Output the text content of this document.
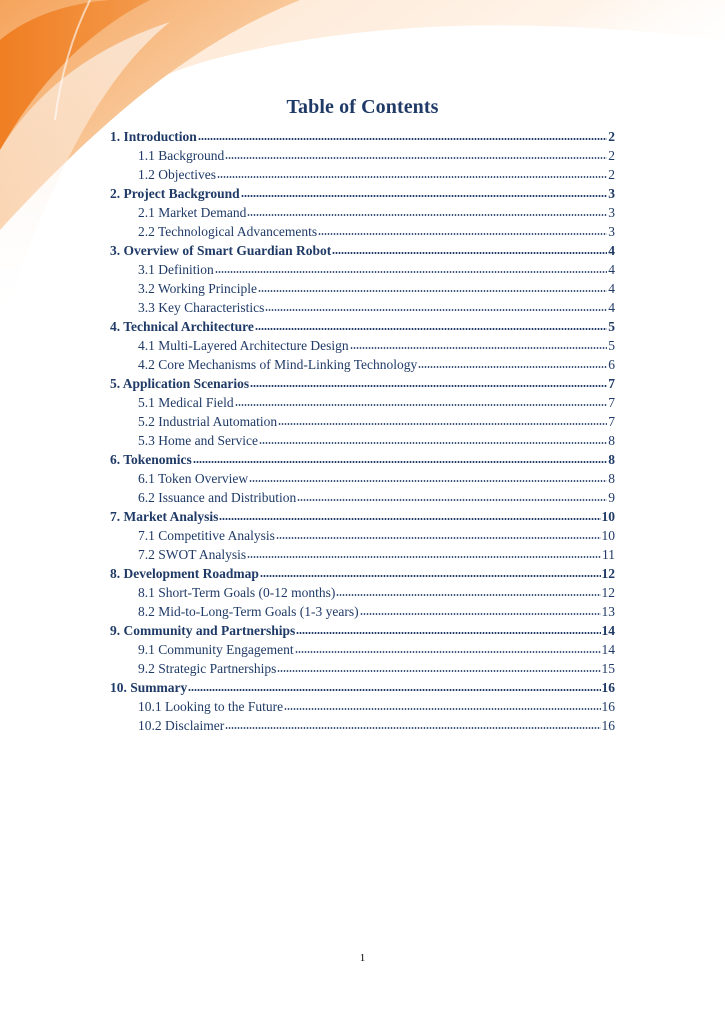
Table of Contents
1. Introduction	2
1.1 Background	2
1.2 Objectives	2
2. Project Background	3
2.1 Market Demand	3
2.2 Technological Advancements	3
3. Overview of Smart Guardian Robot	4
3.1 Definition	4
3.2 Working Principle	4
3.3 Key Characteristics	4
4. Technical Architecture	5
4.1 Multi-Layered Architecture Design	5
4.2 Core Mechanisms of Mind-Linking Technology	6
5. Application Scenarios	7
5.1 Medical Field	7
5.2 Industrial Automation	7
5.3 Home and Service	8
6. Tokenomics	8
6.1 Token Overview	8
6.2 Issuance and Distribution	9
7. Market Analysis	10
7.1 Competitive Analysis	10
7.2 SWOT Analysis	11
8. Development Roadmap	12
8.1 Short-Term Goals (0-12 months)	12
8.2 Mid-to-Long-Term Goals (1-3 years)	13
9. Community and Partnerships	14
9.1 Community Engagement	14
9.2 Strategic Partnerships	15
10. Summary	16
10.1 Looking to the Future	16
10.2 Disclaimer	16
1
